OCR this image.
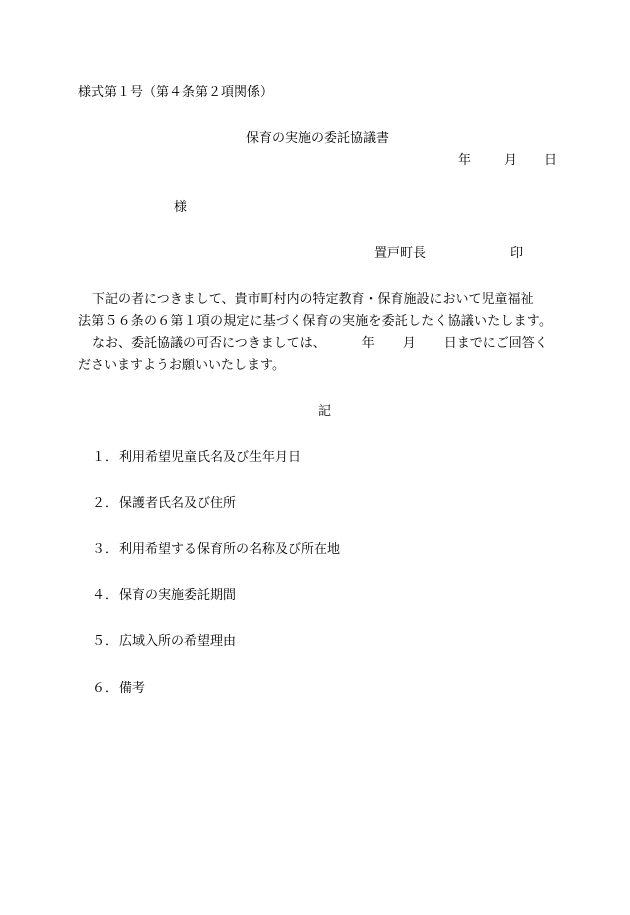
様式第１号（第４条第２項関係）
保育の実施の委託協議書
年	月 日
様
置戸町長	印
下記の者につきまして、貴市町村内の特定教育・保育施設において児童福祉
法第５６条の６第１項の規定に基づく保育の実施を委託したく協議いたします。
なお、委託協議の可否につきましては、	年 月 日までにご回答く
ださいますようお願いいたします。
記
１．利用希望児童氏名及び生年月日
２．保護者氏名及び住所
３．利用希望する保育所の名称及び所在地
４．保育の実施委託期間
５．広域入所の希望理由
６．備考
